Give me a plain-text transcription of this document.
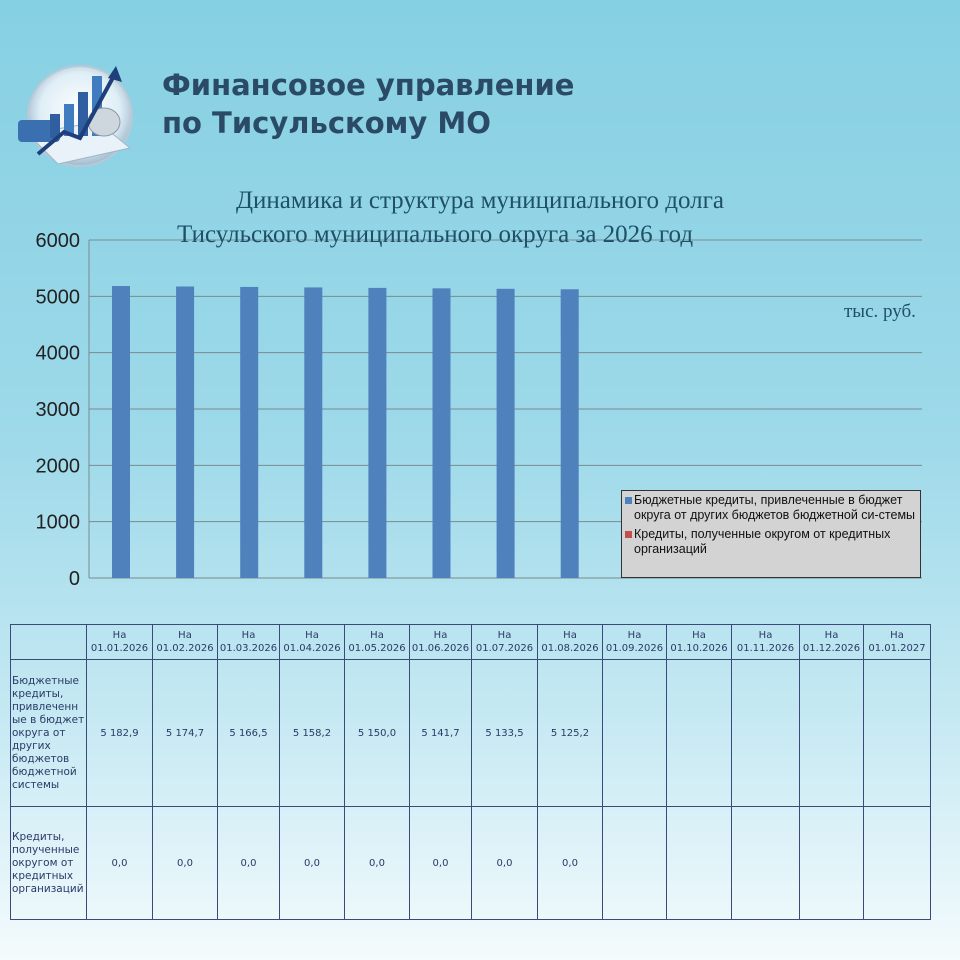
Финансовое управление
по Тисульскому МО
0
1000
2000
3000
4000
5000
6000
Динамика и структура муниципального долга
Тисульского муниципального округа за 2026 год
тыс. руб.
Бюджетные кредиты, привлеченные в бюджет округа от других бюджетов бюджетной си-стемы
Кредиты, полученные округом от кредитных организаций
	На 01.01.2026	На 01.02.2026	На 01.03.2026	На 01.04.2026	На 01.05.2026	На 01.06.2026	На 01.07.2026	На 01.08.2026	На 01.09.2026	На 01.10.2026	На 01.11.2026	На 01.12.2026	На 01.01.2027
Бюджетные кредиты, привлеченн ые в бюджет округа от других бюджетов бюджетной системы	5 182,9	5 174,7	5 166,5	5 158,2	5 150,0	5 141,7	5 133,5	5 125,2					
Кредиты, полученные округом от кредитных организаций	0,0	0,0	0,0	0,0	0,0	0,0	0,0	0,0					
